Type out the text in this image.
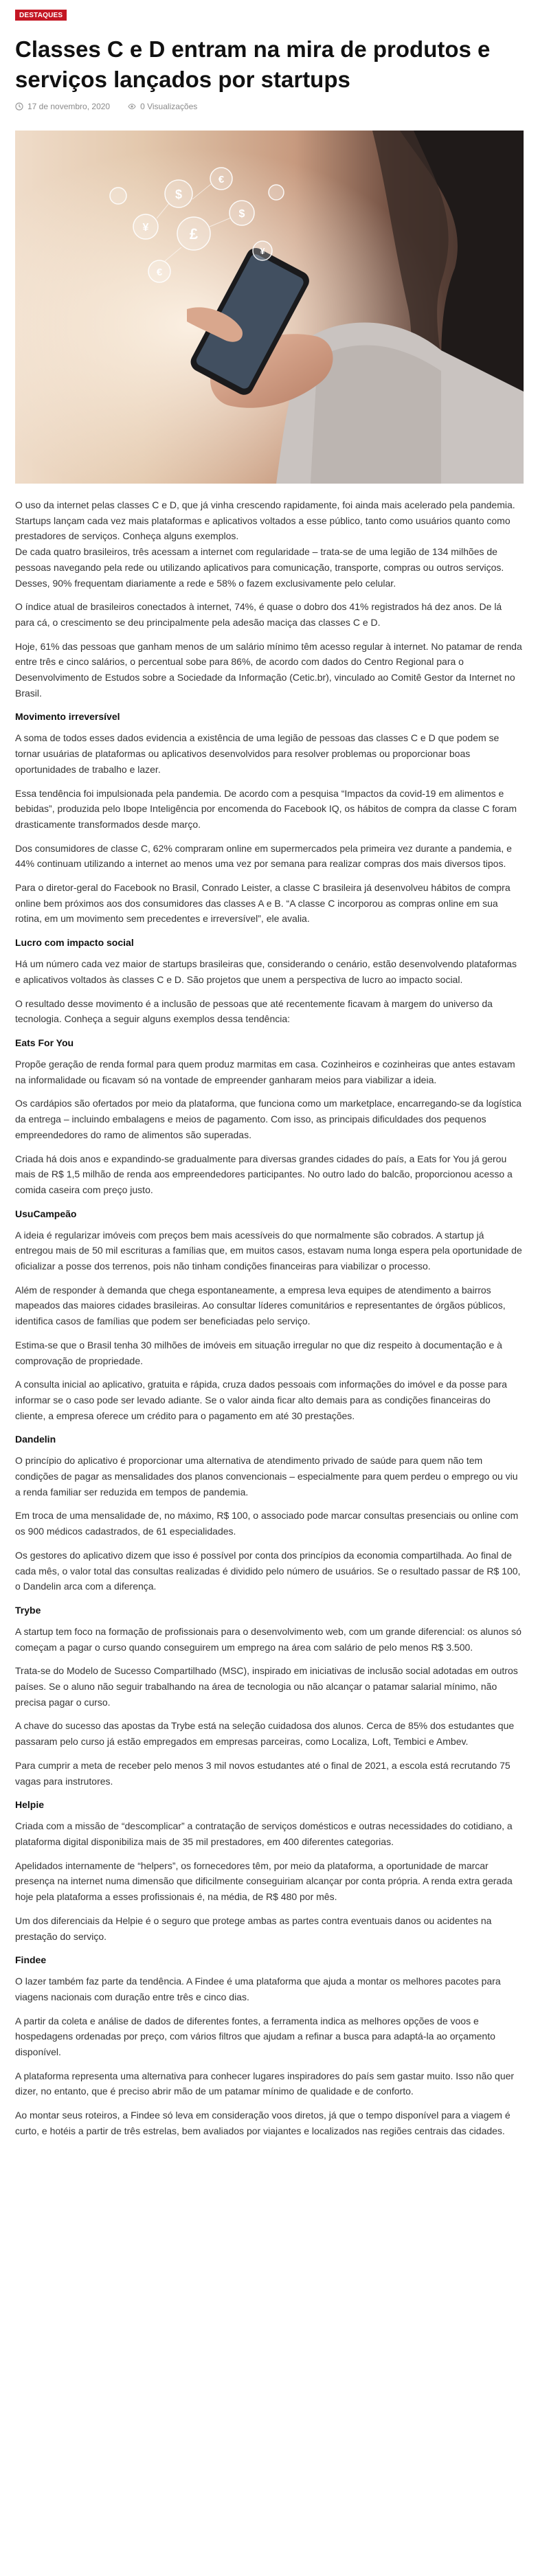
DESTAQUES
Classes C e D entram na mira de produtos e serviços lançados por startups
17 de novembro, 2020	0 Visualizações
$
€
¥	£
$
€
¥

O uso da internet pelas classes C e D, que já vinha crescendo rapidamente, foi ainda mais acelerado pela pandemia. Startups lançam cada vez mais plataformas e aplicativos voltados a esse público, tanto como usuários quanto como prestadores de serviços. Conheça alguns exemplos.

De cada quatro brasileiros, três acessam a internet com regularidade – trata-se de uma legião de 134 milhões de pessoas navegando pela rede ou utilizando aplicativos para comunicação, transporte, compras ou outros serviços. Desses, 90% frequentam diariamente a rede e 58% o fazem exclusivamente pelo celular.

O índice atual de brasileiros conectados à internet, 74%, é quase o dobro dos 41% registrados há dez anos. De lá para cá, o crescimento se deu principalmente pela adesão maciça das classes C e D.

Hoje, 61% das pessoas que ganham menos de um salário mínimo têm acesso regular à internet. No patamar de renda entre três e cinco salários, o percentual sobe para 86%, de acordo com dados do Centro Regional para o Desenvolvimento de Estudos sobre a Sociedade da Informação (Cetic.br), vinculado ao Comitê Gestor da Internet no Brasil.

Movimento irreversível

A soma de todos esses dados evidencia a existência de uma legião de pessoas das classes C e D que podem se tornar usuárias de plataformas ou aplicativos desenvolvidos para resolver problemas ou proporcionar boas oportunidades de trabalho e lazer.

Essa tendência foi impulsionada pela pandemia. De acordo com a pesquisa “Impactos da covid-19 em alimentos e bebidas”, produzida pelo Ibope Inteligência por encomenda do Facebook IQ, os hábitos de compra da classe C foram drasticamente transformados desde março.

Dos consumidores de classe C, 62% compraram online em supermercados pela primeira vez durante a pandemia, e 44% continuam utilizando a internet ao menos uma vez por semana para realizar compras dos mais diversos tipos.

Para o diretor-geral do Facebook no Brasil, Conrado Leister, a classe C brasileira já desenvolveu hábitos de compra online bem próximos aos dos consumidores das classes A e B. “A classe C incorporou as compras online em sua rotina, em um movimento sem precedentes e irreversível”, ele avalia.

Lucro com impacto social

Há um número cada vez maior de startups brasileiras que, considerando o cenário, estão desenvolvendo plataformas e aplicativos voltados às classes C e D. São projetos que unem a perspectiva de lucro ao impacto social.

O resultado desse movimento é a inclusão de pessoas que até recentemente ficavam à margem do universo da tecnologia. Conheça a seguir alguns exemplos dessa tendência:

Eats For You

Propõe geração de renda formal para quem produz marmitas em casa. Cozinheiros e cozinheiras que antes estavam na informalidade ou ficavam só na vontade de empreender ganharam meios para viabilizar a ideia.

Os cardápios são ofertados por meio da plataforma, que funciona como um marketplace, encarregando-se da logística da entrega – incluindo embalagens e meios de pagamento. Com isso, as principais dificuldades dos pequenos empreendedores do ramo de alimentos são superadas.

Criada há dois anos e expandindo-se gradualmente para diversas grandes cidades do país, a Eats for You já gerou mais de R$ 1,5 milhão de renda aos empreendedores participantes. No outro lado do balcão, proporcionou acesso a comida caseira com preço justo.

UsuCampeão

A ideia é regularizar imóveis com preços bem mais acessíveis do que normalmente são cobrados. A startup já entregou mais de 50 mil escrituras a famílias que, em muitos casos, estavam numa longa espera pela oportunidade de oficializar a posse dos terrenos, pois não tinham condições financeiras para viabilizar o processo.

Além de responder à demanda que chega espontaneamente, a empresa leva equipes de atendimento a bairros mapeados das maiores cidades brasileiras. Ao consultar líderes comunitários e representantes de órgãos públicos, identifica casos de famílias que podem ser beneficiadas pelo serviço.

Estima-se que o Brasil tenha 30 milhões de imóveis em situação irregular no que diz respeito à documentação e à comprovação de propriedade.

A consulta inicial ao aplicativo, gratuita e rápida, cruza dados pessoais com informações do imóvel e da posse para informar se o caso pode ser levado adiante. Se o valor ainda ficar alto demais para as condições financeiras do cliente, a empresa oferece um crédito para o pagamento em até 30 prestações.

Dandelin

O princípio do aplicativo é proporcionar uma alternativa de atendimento privado de saúde para quem não tem condições de pagar as mensalidades dos planos convencionais – especialmente para quem perdeu o emprego ou viu a renda familiar ser reduzida em tempos de pandemia.

Em troca de uma mensalidade de, no máximo, R$ 100, o associado pode marcar consultas presenciais ou online com os 900 médicos cadastrados, de 61 especialidades.

Os gestores do aplicativo dizem que isso é possível por conta dos princípios da economia compartilhada. Ao final de cada mês, o valor total das consultas realizadas é dividido pelo número de usuários. Se o resultado passar de R$ 100, o Dandelin arca com a diferença.

Trybe

A startup tem foco na formação de profissionais para o desenvolvimento web, com um grande diferencial: os alunos só começam a pagar o curso quando conseguirem um emprego na área com salário de pelo menos R$ 3.500.

Trata-se do Modelo de Sucesso Compartilhado (MSC), inspirado em iniciativas de inclusão social adotadas em outros países. Se o aluno não seguir trabalhando na área de tecnologia ou não alcançar o patamar salarial mínimo, não precisa pagar o curso.

A chave do sucesso das apostas da Trybe está na seleção cuidadosa dos alunos. Cerca de 85% dos estudantes que passaram pelo curso já estão empregados em empresas parceiras, como Localiza, Loft, Tembici e Ambev.

Para cumprir a meta de receber pelo menos 3 mil novos estudantes até o final de 2021, a escola está recrutando 75 vagas para instrutores.

Helpie

Criada com a missão de “descomplicar” a contratação de serviços domésticos e outras necessidades do cotidiano, a plataforma digital disponibiliza mais de 35 mil prestadores, em 400 diferentes categorias.

Apelidados internamente de “helpers”, os fornecedores têm, por meio da plataforma, a oportunidade de marcar presença na internet numa dimensão que dificilmente conseguiriam alcançar por conta própria. A renda extra gerada hoje pela plataforma a esses profissionais é, na média, de R$ 480 por mês.

Um dos diferenciais da Helpie é o seguro que protege ambas as partes contra eventuais danos ou acidentes na prestação do serviço.

Findee

O lazer também faz parte da tendência. A Findee é uma plataforma que ajuda a montar os melhores pacotes para viagens nacionais com duração entre três e cinco dias.

A partir da coleta e análise de dados de diferentes fontes, a ferramenta indica as melhores opções de voos e hospedagens ordenadas por preço, com vários filtros que ajudam a refinar a busca para adaptá-la ao orçamento disponível.

A plataforma representa uma alternativa para conhecer lugares inspiradores do país sem gastar muito. Isso não quer dizer, no entanto, que é preciso abrir mão de um patamar mínimo de qualidade e de conforto.

Ao montar seus roteiros, a Findee só leva em consideração voos diretos, já que o tempo disponível para a viagem é curto, e hotéis a partir de três estrelas, bem avaliados por viajantes e localizados nas regiões centrais das cidades.
